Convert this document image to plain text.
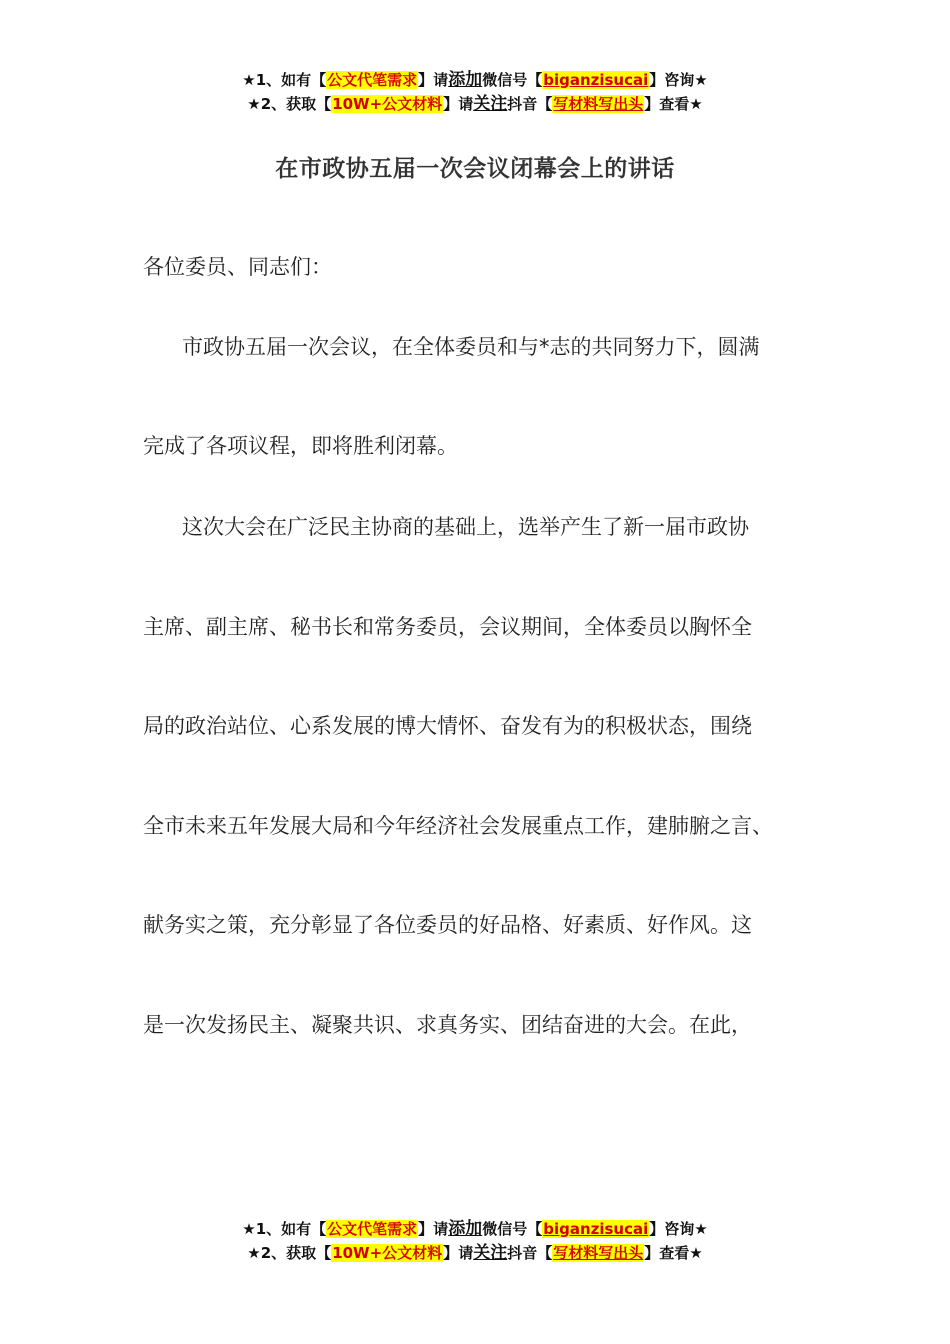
★1、如有【公文代笔需求】请添加微信号【biganzisucai】咨询★
★2、获取【10W+公文材料】请关注抖音【写材料写出头】查看★
在市政协五届一次会议闭幕会上的讲话
各位委员、同志们：
市政协五届一次会议，在全体委员和与*志的共同努力下，圆满
完成了各项议程，即将胜利闭幕。
这次大会在广泛民主协商的基础上，选举产生了新一届市政协
主席、副主席、秘书长和常务委员，会议期间，全体委员以胸怀全
局的政治站位、心系发展的博大情怀、奋发有为的积极状态，围绕
全市未来五年发展大局和今年经济社会发展重点工作，建肺腑之言、
献务实之策，充分彰显了各位委员的好品格、好素质、好作风。这
是一次发扬民主、凝聚共识、求真务实、团结奋进的大会。在此，
★1、如有【公文代笔需求】请添加微信号【biganzisucai】咨询★
★2、获取【10W+公文材料】请关注抖音【写材料写出头】查看★
